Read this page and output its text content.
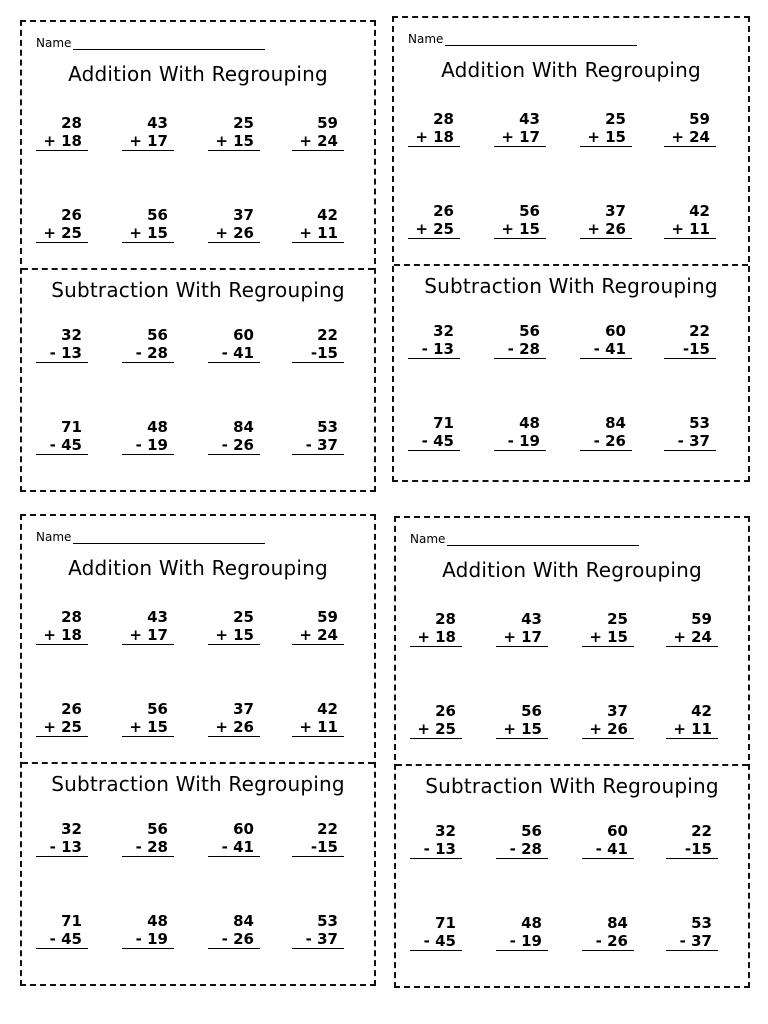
Name
Addition With Regrouping
Subtraction With Regrouping
28
+ 18
43
+ 17
25
+ 15
59
+ 24
26
+ 25
56
+ 15
37
+ 26
42
+ 11
32
- 13
56
- 28
60
- 41
22
-15
71
- 45
48
- 19
84
- 26
53
- 37
Name
Addition With Regrouping
Subtraction With Regrouping
28
+ 18
43
+ 17
25
+ 15
59
+ 24
26
+ 25
56
+ 15
37
+ 26
42
+ 11
32
- 13
56
- 28
60
- 41
22
-15
71
- 45
48
- 19
84
- 26
53
- 37
Name
Addition With Regrouping
Subtraction With Regrouping
28
+ 18
43
+ 17
25
+ 15
59
+ 24
26
+ 25
56
+ 15
37
+ 26
42
+ 11
32
- 13
56
- 28
60
- 41
22
-15
71
- 45
48
- 19
84
- 26
53
- 37
Name
Addition With Regrouping
Subtraction With Regrouping
28
+ 18
43
+ 17
25
+ 15
59
+ 24
26
+ 25
56
+ 15
37
+ 26
42
+ 11
32
- 13
56
- 28
60
- 41
22
-15
71
- 45
48
- 19
84
- 26
53
- 37
